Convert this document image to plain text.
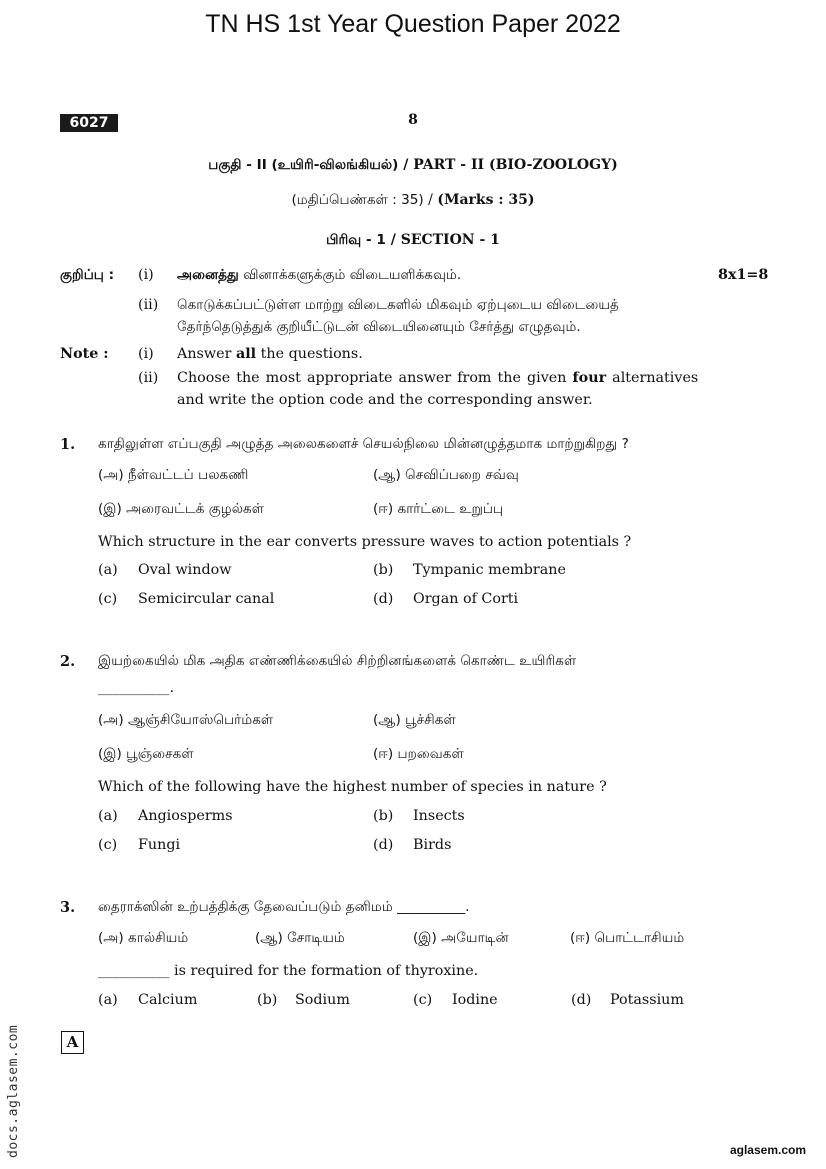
TN HS 1st Year Question Paper 2022
6027	8
பகுதி - II (உயிரி-விலங்கியல்) / PART - II (BIO-ZOOLOGY)
(மதிப்பெண்கள் : 35) / (Marks : 35)
பிரிவு - 1 / SECTION - 1
குறிப்பு : (i) அனைத்து வினாக்களுக்கும் விடையளிக்கவும்.	8x1=8
(ii) கொடுக்கப்பட்டுள்ள மாற்று விடைகளில் மிகவும் ஏற்புடைய விடையைத்
தேர்ந்தெடுத்துக் குறியீட்டுடன் விடையினையும் சேர்த்து எழுதவும்.
Note : (i) Answer all the questions.
(ii) Choose the most appropriate answer from the given four alternatives
and write the option code and the corresponding answer.
1. காதிலுள்ள எப்பகுதி அழுத்த அலைகளைச் செயல்நிலை மின்னழுத்தமாக மாற்றுகிறது ?
(அ) நீள்வட்டப் பலகணி	(ஆ) செவிப்பறை சவ்வு
(இ) அரைவட்டக் குழல்கள்	(ஈ) கார்ட்டை உறுப்பு
Which structure in the ear converts pressure waves to action potentials ?
(a) Oval window	(b) Tympanic membrane
(c) Semicircular canal	(d) Organ of Corti
2. இயற்கையில் மிக அதிக எண்ணிக்கையில் சிற்றினங்களைக் கொண்ட உயிரிகள்
__________.
(அ) ஆஞ்சியோஸ்பெர்ம்கள்	(ஆ) பூச்சிகள்
(இ) பூஞ்சைகள்	(ஈ) பறவைகள்
Which of the following have the highest number of species in nature ?
(a) Angiosperms	(b) Insects
(c) Fungi	(d) Birds
3. தைராக்ஸின் உற்பத்திக்கு தேவைப்படும் தனிமம் __________.
(அ) கால்சியம்	(ஆ) சோடியம்	(இ) அயோடின்	(ஈ) பொட்டாசியம்
__________ is required for the formation of thyroxine.
(a) Calcium	(b) Sodium	(c) Iodine	(d) Potassium
A
docs.aglasem.com	aglasem.com
